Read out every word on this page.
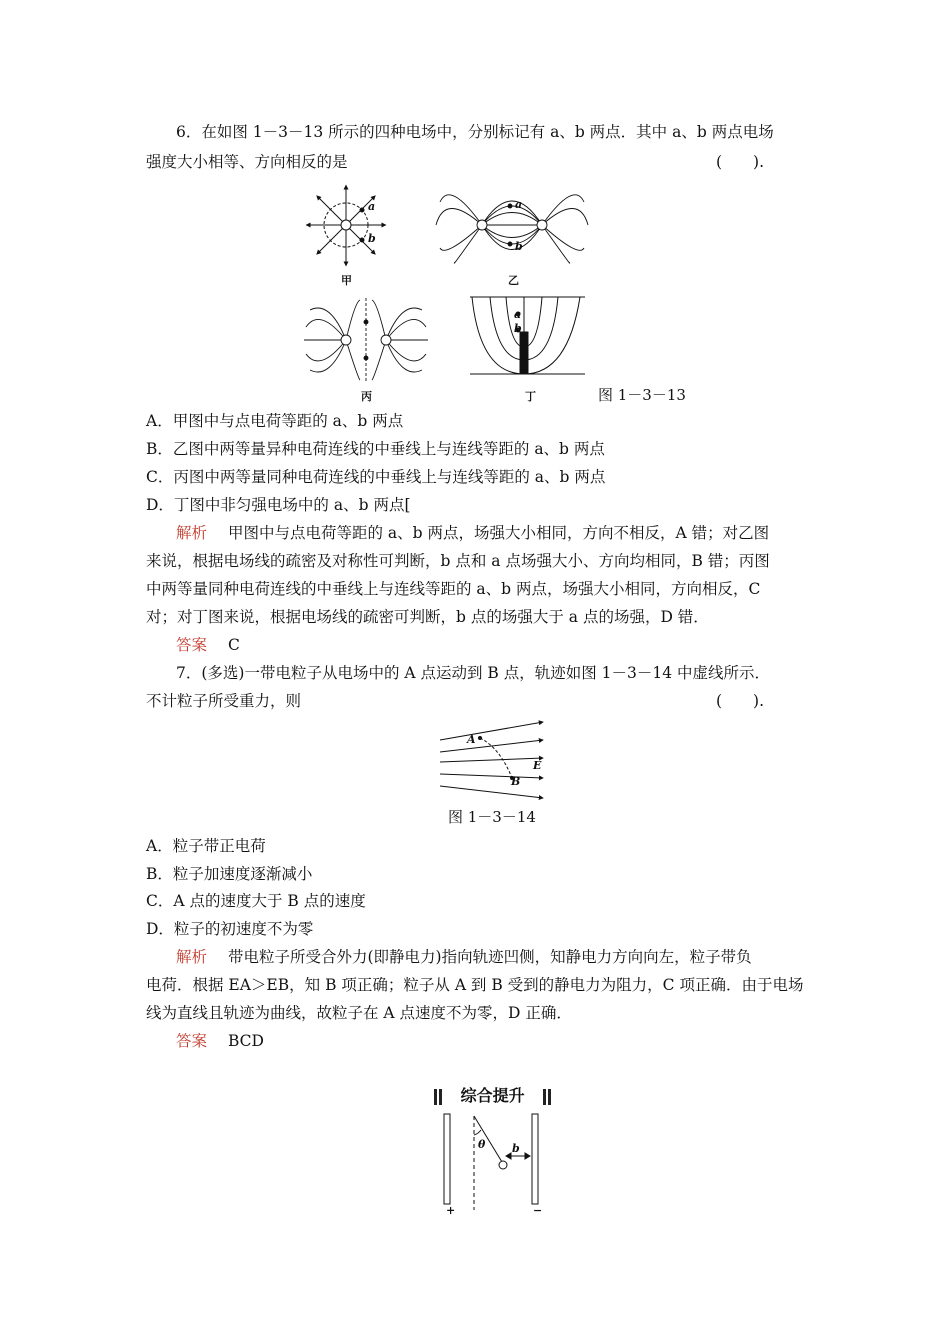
6．在如图 1－3－13 所示的四种电场中，分别标记有 a、b 两点．其中 a、b 两点电场
强度大小相等、方向相反的是	(　　).
a
b
a
b
a
b
甲	乙
丙	丁	图 1－3－13
A．甲图中与点电荷等距的 a、b 两点
B．乙图中两等量异种电荷连线的中垂线上与连线等距的 a、b 两点
C．丙图中两等量同种电荷连线的中垂线上与连线等距的 a、b 两点
D．丁图中非匀强电场中的 a、b 两点[
解析 甲图中与点电荷等距的 a、b 两点，场强大小相同，方向不相反，A 错；对乙图
来说，根据电场线的疏密及对称性可判断，b 点和 a 点场强大小、方向均相同，B 错；丙图
中两等量同种电荷连线的中垂线上与连线等距的 a、b 两点，场强大小相同，方向相反，C
对；对丁图来说，根据电场线的疏密可判断，b 点的场强大于 a 点的场强，D 错．
答案 C
7．(多选)一带电粒子从电场中的 A 点运动到 B 点，轨迹如图 1－3－14 中虚线所示．
不计粒子所受重力，则	(　　).
A
B
E
图 1－3－14
A．粒子带正电荷
B．粒子加速度逐渐减小
C．A 点的速度大于 B 点的速度
D．粒子的初速度不为零
解析 带电粒子所受合外力(即静电力)指向轨迹凹侧，知静电力方向向左，粒子带负
电荷．根据 EA＞EB，知 B 项正确；粒子从 A 到 B 受到的静电力为阻力，C 项正确．由于电场
线为直线且轨迹为曲线，故粒子在 A 点速度不为零，D 正确．
答案 BCD
综合提升
θ b
+	−
